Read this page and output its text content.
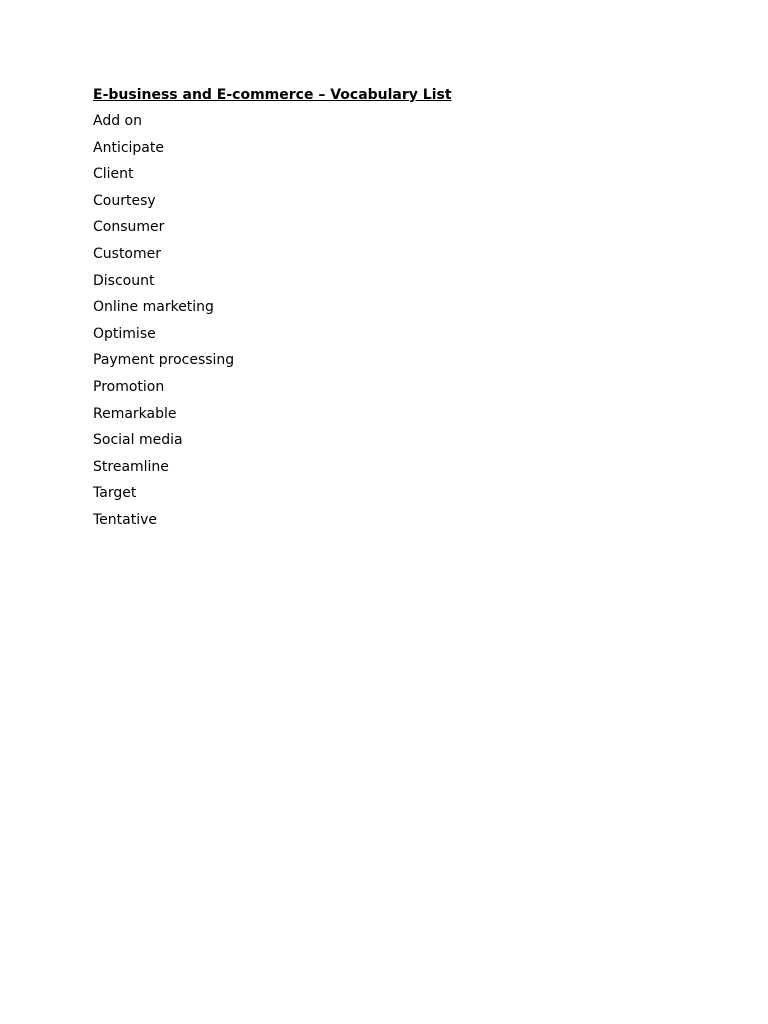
E-business and E-commerce – Vocabulary List
Add on
Anticipate
Client
Courtesy
Consumer
Customer
Discount
Online marketing
Optimise
Payment processing
Promotion
Remarkable
Social media
Streamline
Target
Tentative
